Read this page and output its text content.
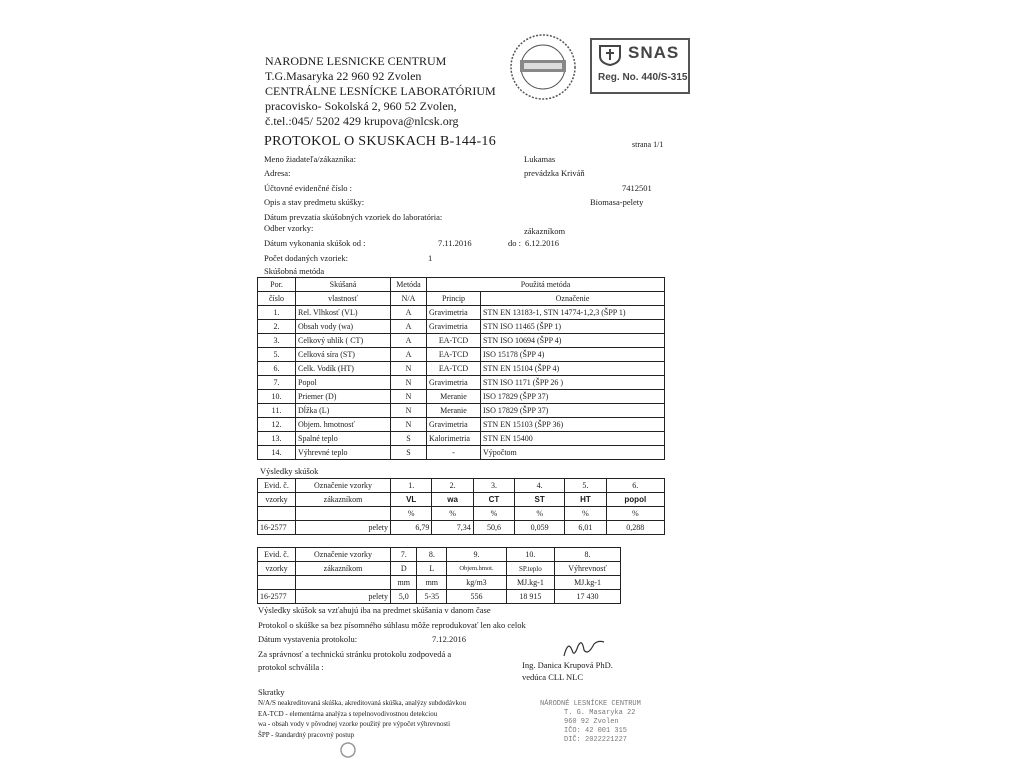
NARODNE LESNICKE CENTRUM
T.G.Masaryka 22 960 92 Zvolen
CENTRÁLNE LESNÍCKE LABORATÓRIUM
pracovisko- Sokolská 2, 960 52 Zvolen,
č.tel.:045/ 5202 429 krupova@nlcsk.org
SNAS
Reg. No. 440/S-315
PROTOKOL O SKUSKACH B-144-16	strana 1/1
Meno žiadateľa/zákazníka:	Lukamas
Adresa:	prevádzka Kriváň
Účtovné evidenčné číslo :	7412501
Opis a stav predmetu skúšky:	Biomasa-pelety
Dátum prevzatia skúšobných vzoriek do laboratória:
Odber vzorky:	zákazníkom
Dátum vykonania skúšok od :	7.11.2016	do : 6.12.2016
Počet dodaných vzoriek:	1
Skúšobná metóda
Por.	Skúšaná	Metóda	Použitá metóda	
číslo	vlastnosť	N/A	Princip	Označenie
1.	Rel. Vlhkosť (VL)	A	Gravimetria	STN EN 13183-1, STN 14774-1,2,3 (ŠPP 1)
2.	Obsah vody (wa)	A	Gravimetria	STN ISO 11465 (ŠPP 1)
3.	Celkový uhlík ( CT)	A	EA-TCD	STN ISO 10694 (ŠPP 4)
5.	Celková síra (ST)	A	EA-TCD	ISO 15178 (ŠPP 4)
6.	Celk. Vodík (HT)	N	EA-TCD	STN EN 15104 (ŠPP 4)
7.	Popol	N	Gravimetria	STN ISO 1171 (ŠPP 26 )
10.	Priemer (D)	N	Meranie	ISO 17829 (ŠPP 37)
11.	Dĺžka (L)	N	Meranie	ISO 17829 (ŠPP 37)
12.	Objem. hmotnosť	N	Gravimetria	STN EN 15103 (ŠPP 36)
13.	Spalné teplo	S	Kalorimetria	STN EN 15400
14.	Výhrevné teplo	S	-	Výpočtom
Výsledky skúšok
Evid. č.	Označenie vzorky	1.	2.	3.	4.	5.	6.
vzorky	zákazníkom	VL	wa	CT	ST	HT	popol
		%	%	%	%	%	%
16-2577	pelety	6,79	7,34	50,6	0,059	6,01	0,288
Evid. č.	Označenie vzorky	7.	8.	9.	10.	8.
vzorky	zákazníkom	D	L	Objem.hmot.	SP.teplo	Výhrevnosť
		mm	mm	kg/m3	MJ.kg-1	MJ.kg-1
16-2577	pelety	5,0	5-35	556	18 915	17 430
Výsledky skúšok sa vzťahujú iba na predmet skúšania v danom čase
Protokol o skúške sa bez písomného súhlasu môže reprodukovať len ako celok
Dátum vystavenia protokolu:	7.12.2016
Za správnosť a technickú stránku protokolu zodpovedá a
protokol schválila :	Ing. Danica Krupová PhD.
vedúca CLL NLC
Skratky
N/A/S neakreditovaná skúška, akreditovaná skúška, analýzy subdodávkou
EA-TCD - elementárna analýza s tepelnovodivostnou detekciou
wa - obsah vody v pôvodnej vzorke použitý pre výpočet výhrevnosti
ŠPP - štandardný pracovný postup
NÁRODNÉ LESNÍCKE CENTRUM
T. G. Masaryka 22
960 92 Zvolen
IČO: 42 001 315
DIČ: 2022221227
